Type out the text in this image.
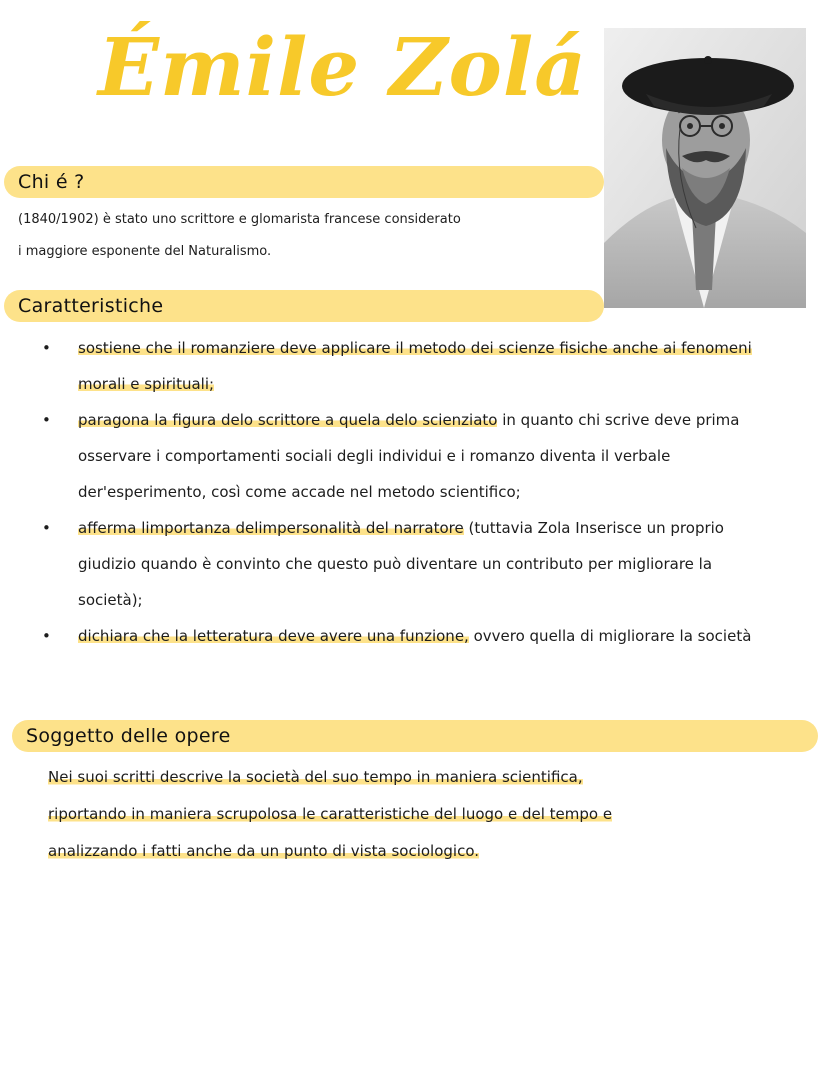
Émile Zolá
Chi é ?
(1840/1902) è stato uno scrittore e glomarista francese considerato
i maggiore esponente del Naturalismo.
Caratteristiche
• sostiene che il romanziere deve applicare il metodo dei scienze fisiche anche ai fenomeni morali e spirituali;
• paragona la figura delo scrittore a quela delo scienziato in quanto chi scrive deve prima osservare i comportamenti sociali degli individui e i romanzo diventa il verbale der'esperimento, così come accade nel metodo scientifico;
• afferma limportanza delimpersonalità del narratore (tuttavia Zola Inserisce un proprio giudizio quando è convinto che questo può diventare un contributo per migliorare la società);
• dichiara che la letteratura deve avere una funzione, ovvero quella di migliorare la società
Soggetto delle opere
Nei suoi scritti descrive la società del suo tempo in maniera scientifica,
riportando in maniera scrupolosa le caratteristiche del luogo e del tempo e
analizzando i fatti anche da un punto di vista sociologico.
